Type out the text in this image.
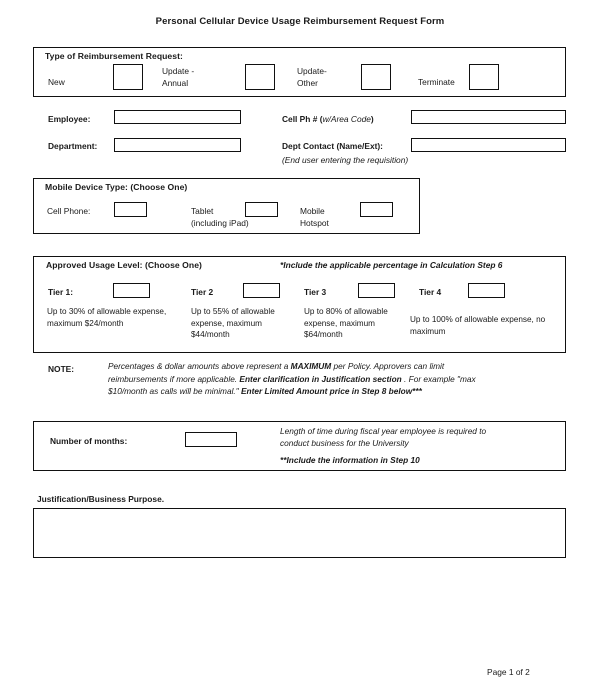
Personal Cellular Device Usage Reimbursement Request Form
Type of Reimbursement Request:
New
Update -
Annual
Update-
Other	Terminate
Employee:
Department:
Cell Ph # (w/Area Code)
Dept Contact (Name/Ext):
(End user entering the requisition)
Mobile Device Type: (Choose One)
Cell Phone:	Tablet
(including iPad)
Mobile
Hotspot
Approved Usage Level: (Choose One)	*Include the applicable percentage in Calculation Step 6
Tier 1:
Up to 30% of allowable expense, maximum $24/month
Tier 2
Up to 55% of allowable expense, maximum $44/month
Tier 3
Up to 80% of allowable expense, maximum $64/month
Tier 4
Up to 100% of allowable expense, no maximum
NOTE:	Percentages & dollar amounts above represent a MAXIMUM per Policy. Approvers can limit
reimbursements if more applicable. Enter clarification in Justification section . For example "max
$10/month as calls will be minimal." Enter Limited Amount price in Step 8 below***
Number of months:
Length of time during fiscal year employee is required to
conduct business for the University
**Include the information in Step 10
Justification/Business Purpose.
Page 1 of 2
